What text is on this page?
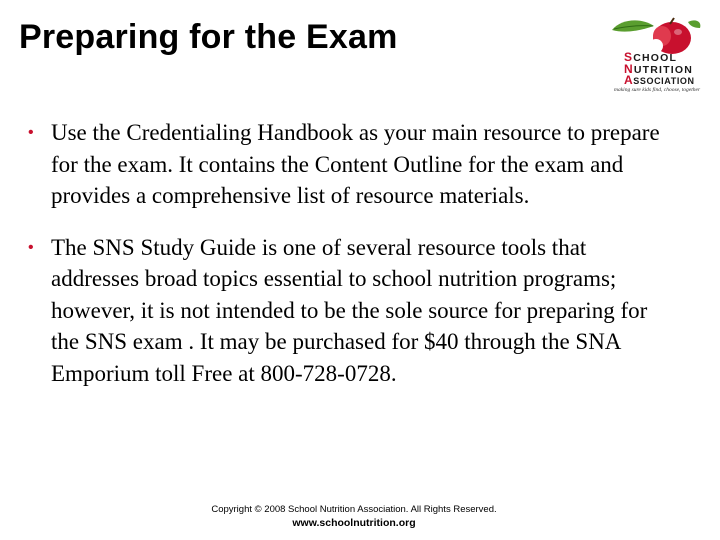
Preparing for the Exam
SCHOOL
NUTRITION
ASSOCIATION
making sure kids find, choose, together
• Use the Credentialing Handbook as your main resource to prepare for the exam. It contains the Content Outline for the exam and provides a comprehensive list of resource materials.
• The SNS Study Guide is one of several resource tools that addresses broad topics essential to school nutrition programs; however, it is not intended to be the sole source for preparing for the SNS exam . It may be purchased for $40 through the SNA Emporium toll Free at 800-728-0728.
Copyright © 2008 School Nutrition Association. All Rights Reserved.
www.schoolnutrition.org
